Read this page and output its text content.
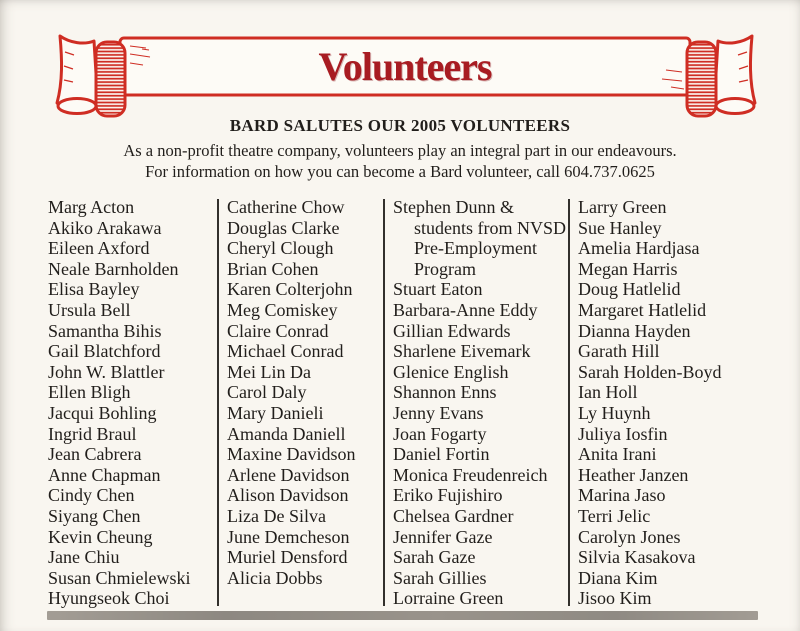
Volunteers
BARD SALUTES OUR 2005 VOLUNTEERS
As a non-profit theatre company, volunteers play an integral part in our endeavours.
For information on how you can become a Bard volunteer, call 604.737.0625
Marg Acton
Akiko Arakawa
Eileen Axford
Neale Barnholden
Elisa Bayley
Ursula Bell
Samantha Bihis
Gail Blatchford
John W. Blattler
Ellen Bligh
Jacqui Bohling
Ingrid Braul
Jean Cabrera
Anne Chapman
Cindy Chen
Siyang Chen
Kevin Cheung
Jane Chiu
Susan Chmielewski
Hyungseok Choi
Catherine Chow
Douglas Clarke
Cheryl Clough
Brian Cohen
Karen Colterjohn
Meg Comiskey
Claire Conrad
Michael Conrad
Mei Lin Da
Carol Daly
Mary Danieli
Amanda Daniell
Maxine Davidson
Arlene Davidson
Alison Davidson
Liza De Silva
June Demcheson
Muriel Densford
Alicia Dobbs
Stephen Dunn &
students from NVSD
Pre-Employment
Program
Stuart Eaton
Barbara-Anne Eddy
Gillian Edwards
Sharlene Eivemark
Glenice English
Shannon Enns
Jenny Evans
Joan Fogarty
Daniel Fortin
Monica Freudenreich
Eriko Fujishiro
Chelsea Gardner
Jennifer Gaze
Sarah Gaze
Sarah Gillies
Lorraine Green
Larry Green
Sue Hanley
Amelia Hardjasa
Megan Harris
Doug Hatlelid
Margaret Hatlelid
Dianna Hayden
Garath Hill
Sarah Holden-Boyd
Ian Holl
Ly Huynh
Juliya Iosfin
Anita Irani
Heather Janzen
Marina Jaso
Terri Jelic
Carolyn Jones
Silvia Kasakova
Diana Kim
Jisoo Kim
